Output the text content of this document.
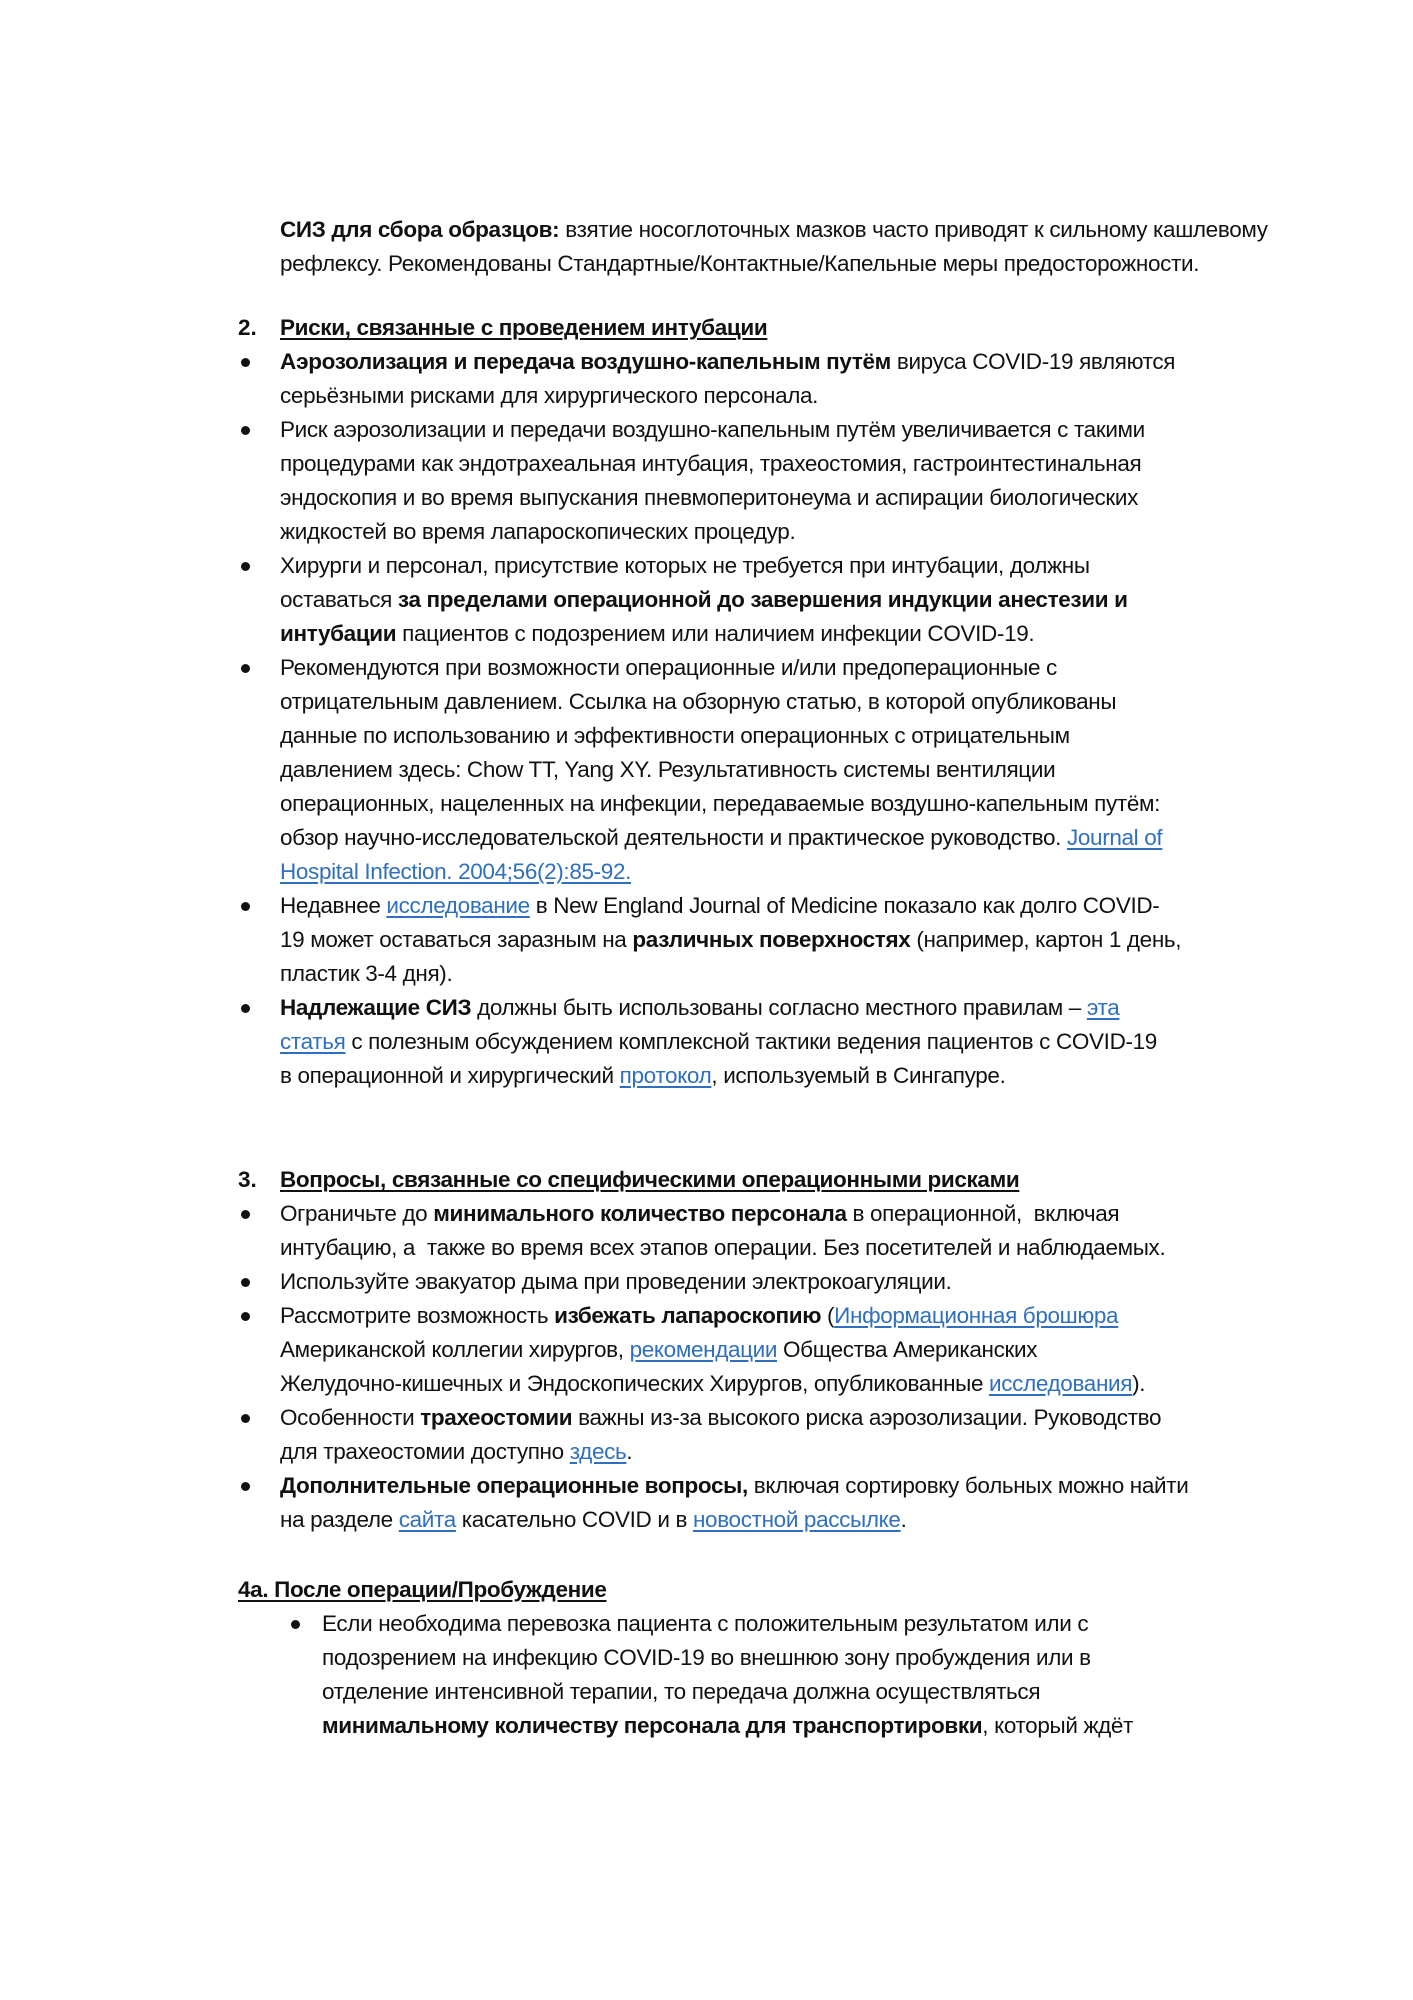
СИЗ для сбора образцов: взятие носоглоточных мазков часто приводят к сильному кашлевому
рефлексу. Рекомендованы Стандартные/Контактные/Капельные меры предосторожности.
2. Риски, связанные с проведением интубации
Аэрозолизация и передача воздушно-капельным путём вируса COVID-19 являются
серьёзными рисками для хирургического персонала.
Риск аэрозолизации и передачи воздушно-капельным путём увеличивается с такими
процедурами как эндотрахеальная интубация, трахеостомия, гастроинтестинальная
эндоскопия и во время выпускания пневмоперитонеума и аспирации биологических
жидкостей во время лапароскопических процедур.
Хирурги и персонал, присутствие которых не требуется при интубации, должны
оставаться за пределами операционной до завершения индукции анестезии и
интубации пациентов с подозрением или наличием инфекции COVID-19.
Рекомендуются при возможности операционные и/или предоперационные с
отрицательным давлением. Ссылка на обзорную статью, в которой опубликованы
данные по использованию и эффективности операционных с отрицательным
давлением здесь: Chow TT, Yang XY. Результативность системы вентиляции
операционных, нацеленных на инфекции, передаваемые воздушно-капельным путём:
обзор научно-исследовательской деятельности и практическое руководство. Journal of
Hospital Infection. 2004;56(2):85-92.
Недавнее исследование в New England Journal of Medicine показало как долго COVID-
19 может оставаться заразным на различных поверхностях (например, картон 1 день,
пластик 3-4 дня).
Надлежащие СИЗ должны быть использованы согласно местного правилам – эта
статья с полезным обсуждением комплексной тактики ведения пациентов с COVID-19
в операционной и хирургический протокол, используемый в Сингапуре.
3. Вопросы, связанные со специфическими операционными рисками
Ограничьте до минимального количество персонала в операционной,  включая
интубацию, а  также во время всех этапов операции. Без посетителей и наблюдаемых.
Используйте эвакуатор дыма при проведении электрокоагуляции.
Рассмотрите возможность избежать лапароскопию (Информационная брошюра
Американской коллегии хирургов, рекомендации Общества Американских
Желудочно-кишечных и Эндоскопических Хирургов, опубликованные исследования).
Особенности трахеостомии важны из-за высокого риска аэрозолизации. Руководство
для трахеостомии доступно здесь.
Дополнительные операционные вопросы, включая сортировку больных можно найти
на разделе сайта касательно COVID и в новостной рассылке.
4а. После операции/Пробуждение
Если необходима перевозка пациента с положительным результатом или с
подозрением на инфекцию COVID-19 во внешнюю зону пробуждения или в
отделение интенсивной терапии, то передача должна осуществляться
минимальному количеству персонала для транспортировки, который ждёт
